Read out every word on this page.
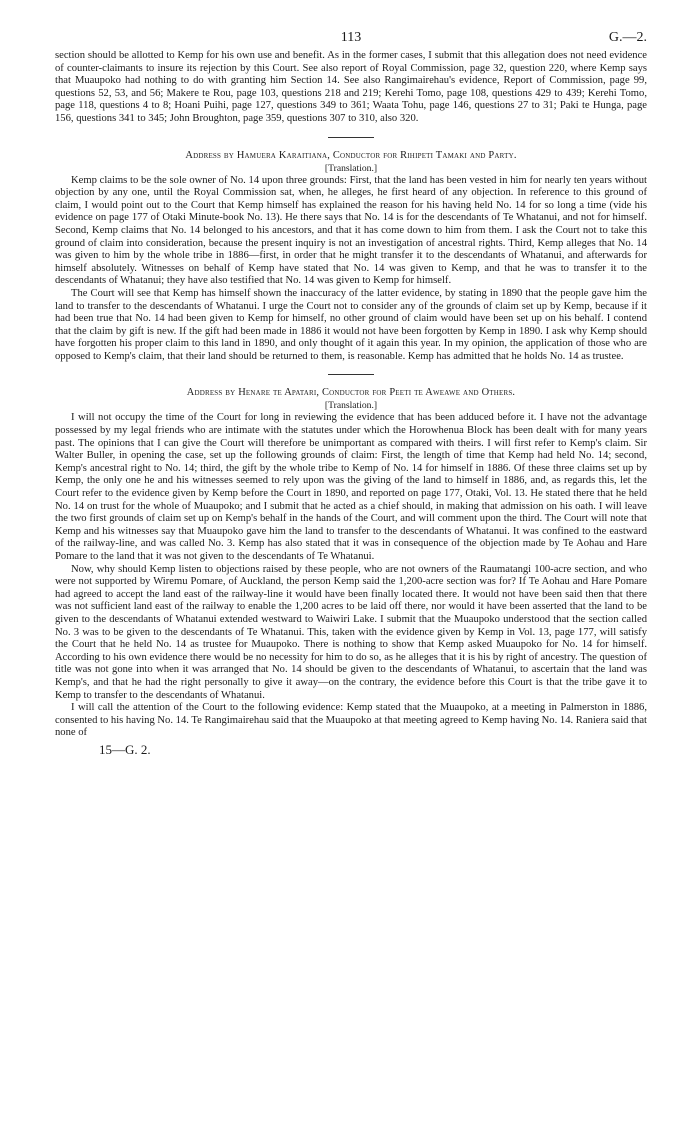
113	G.—2.

section should be allotted to Kemp for his own use and benefit. As in the former cases, I submit that this allegation does not need evidence of counter-claimants to insure its rejection by this Court. See also report of Royal Commission, page 32, question 220, where Kemp says that Muaupoko had nothing to do with granting him Section 14. See also Rangimairehau's evidence, Report of Commission, page 99, questions 52, 53, and 56; Makere te Rou, page 103, questions 218 and 219; Kerehi Tomo, page 108, questions 429 to 439; Kerehi Tomo, page 118, questions 4 to 8; Hoani Puihi, page 127, questions 349 to 361; Waata Tohu, page 146, questions 27 to 31; Paki te Hunga, page 156, questions 341 to 345; John Broughton, page 359, questions 307 to 310, also 320.

Address by Hamuera Karaitiana, Conductor for Rihipeti Tamaki and Party.
[Translation.]

Kemp claims to be the sole owner of No. 14 upon three grounds: First, that the land has been vested in him for nearly ten years without objection by any one, until the Royal Commission sat, when, he alleges, he first heard of any objection. In reference to this ground of claim, I would point out to the Court that Kemp himself has explained the reason for his having held No. 14 for so long a time (vide his evidence on page 177 of Otaki Minute-book No. 13). He there says that No. 14 is for the descendants of Te Whatanui, and not for himself. Second, Kemp claims that No. 14 belonged to his ancestors, and that it has come down to him from them. I ask the Court not to take this ground of claim into consideration, because the present inquiry is not an investigation of ancestral rights. Third, Kemp alleges that No. 14 was given to him by the whole tribe in 1886—first, in order that he might transfer it to the descendants of Whatanui, and afterwards for himself absolutely. Witnesses on behalf of Kemp have stated that No. 14 was given to Kemp, and that he was to transfer it to the descendants of Whatanui; they have also testified that No. 14 was given to Kemp for himself.

The Court will see that Kemp has himself shown the inaccuracy of the latter evidence, by stating in 1890 that the people gave him the land to transfer to the descendants of Whatanui. I urge the Court not to consider any of the grounds of claim set up by Kemp, because if it had been true that No. 14 had been given to Kemp for himself, no other ground of claim would have been set up on his behalf. I contend that the claim by gift is new. If the gift had been made in 1886 it would not have been forgotten by Kemp in 1890. I ask why Kemp should have forgotten his proper claim to this land in 1890, and only thought of it again this year. In my opinion, the application of those who are opposed to Kemp's claim, that their land should be returned to them, is reasonable. Kemp has admitted that he holds No. 14 as trustee.

Address by Henare te Apatari, Conductor for Peeti te Aweawe and Others.
[Translation.]

I will not occupy the time of the Court for long in reviewing the evidence that has been adduced before it. I have not the advantage possessed by my legal friends who are intimate with the statutes under which the Horowhenua Block has been dealt with for many years past. The opinions that I can give the Court will therefore be unimportant as compared with theirs. I will first refer to Kemp's claim. Sir Walter Buller, in opening the case, set up the following grounds of claim: First, the length of time that Kemp had held No. 14; second, Kemp's ancestral right to No. 14; third, the gift by the whole tribe to Kemp of No. 14 for himself in 1886. Of these three claims set up by Kemp, the only one he and his witnesses seemed to rely upon was the giving of the land to himself in 1886, and, as regards this, let the Court refer to the evidence given by Kemp before the Court in 1890, and reported on page 177, Otaki, Vol. 13. He stated there that he held No. 14 on trust for the whole of Muaupoko; and I submit that he acted as a chief should, in making that admission on his oath. I will leave the two first grounds of claim set up on Kemp's behalf in the hands of the Court, and will comment upon the third. The Court will note that Kemp and his witnesses say that Muaupoko gave him the land to transfer to the descendants of Whatanui. It was confined to the eastward of the railway-line, and was called No. 3. Kemp has also stated that it was in consequence of the objection made by Te Aohau and Hare Pomare to the land that it was not given to the descendants of Te Whatanui.

Now, why should Kemp listen to objections raised by these people, who are not owners of the Raumatangi 100-acre section, and who were not supported by Wiremu Pomare, of Auckland, the person Kemp said the 1,200-acre section was for? If Te Aohau and Hare Pomare had agreed to accept the land east of the railway-line it would have been finally located there. It would not have been said then that there was not sufficient land east of the railway to enable the 1,200 acres to be laid off there, nor would it have been asserted that the land to be given to the descendants of Whatanui extended westward to Waiwiri Lake. I submit that the Muaupoko understood that the section called No. 3 was to be given to the descendants of Te Whatanui. This, taken with the evidence given by Kemp in Vol. 13, page 177, will satisfy the Court that he held No. 14 as trustee for Muaupoko. There is nothing to show that Kemp asked Muaupoko for No. 14 for himself. According to his own evidence there would be no necessity for him to do so, as he alleges that it is his by right of ancestry. The question of title was not gone into when it was arranged that No. 14 should be given to the descendants of Whatanui, to ascertain that the land was Kemp's, and that he had the right personally to give it away—on the contrary, the evidence before this Court is that the tribe gave it to Kemp to transfer to the descendants of Whatanui.

I will call the attention of the Court to the following evidence: Kemp stated that the Muaupoko, at a meeting in Palmerston in 1886, consented to his having No. 14. Te Rangimairehau said that the Muaupoko at that meeting agreed to Kemp having No. 14. Raniera said that none of

15—G. 2.
